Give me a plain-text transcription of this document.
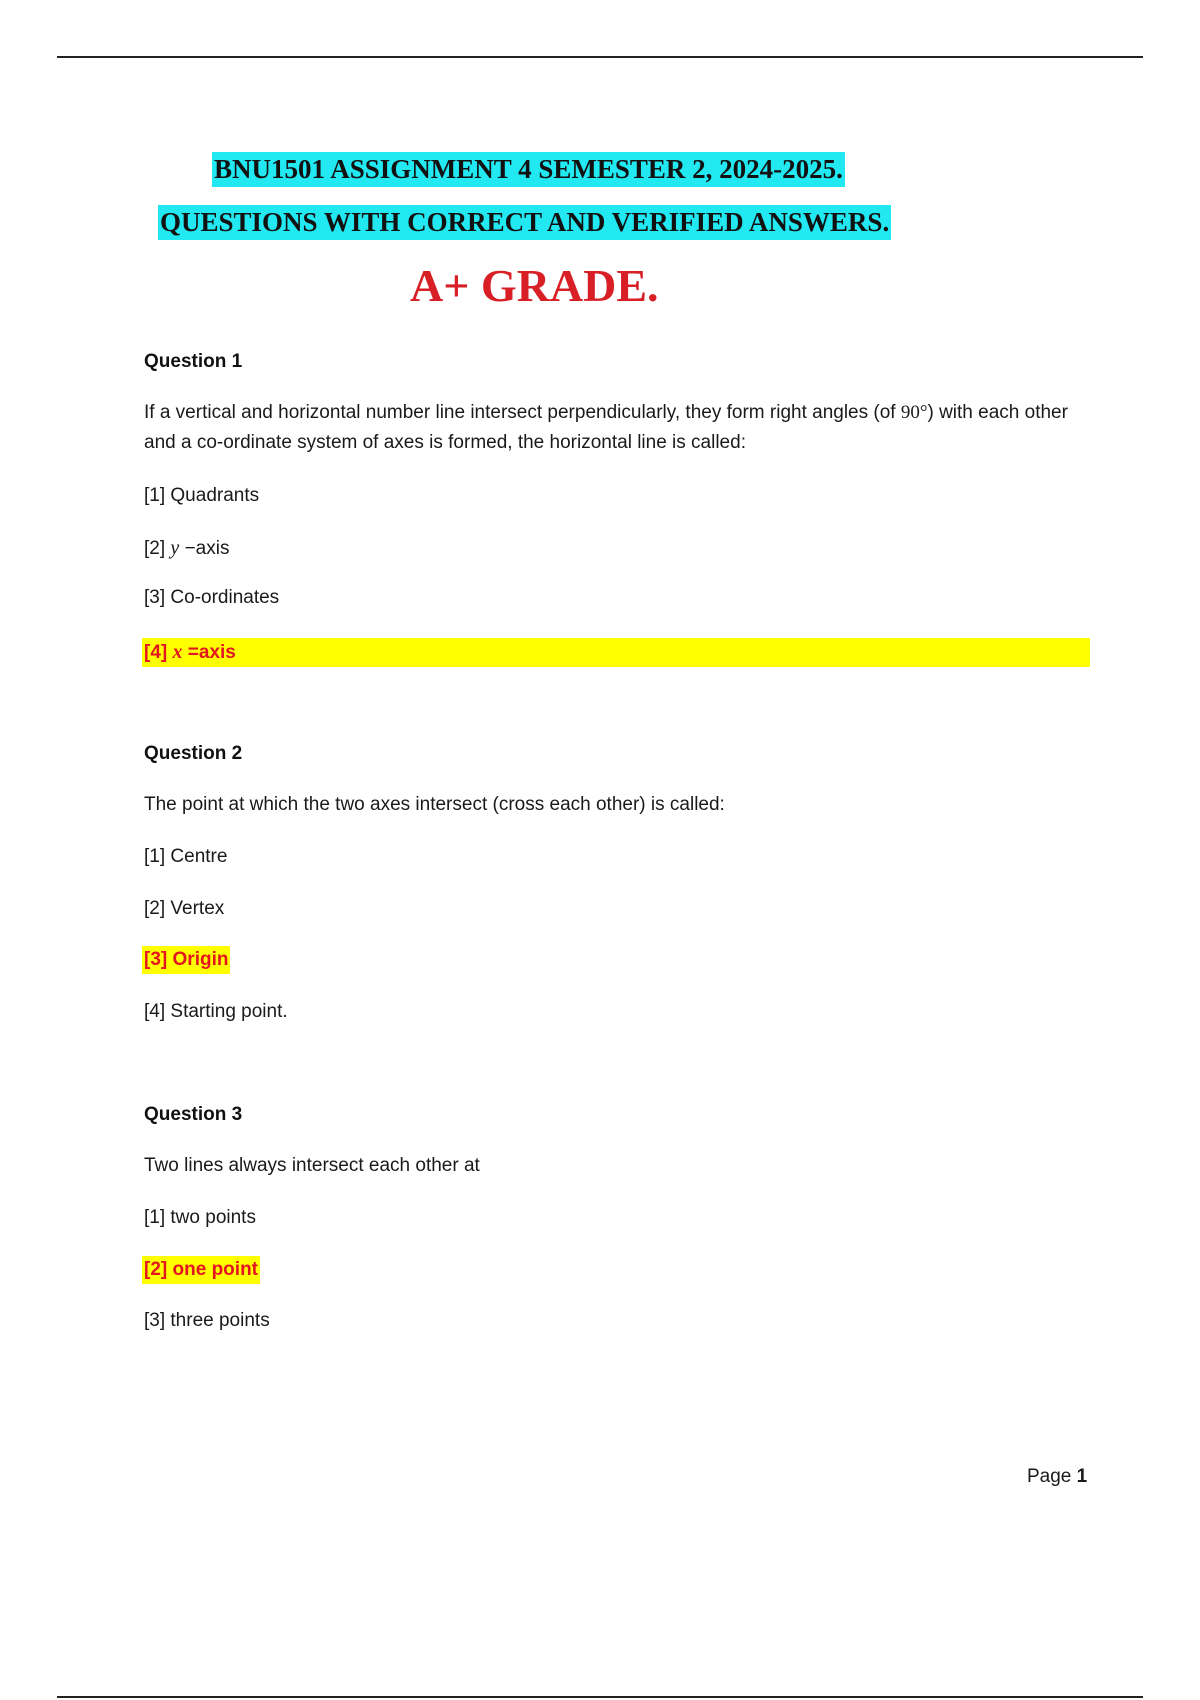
BNU1501 ASSIGNMENT 4 SEMESTER 2, 2024-2025.
QUESTIONS WITH CORRECT AND VERIFIED ANSWERS.
A+ GRADE.
Question 1
If a vertical and horizontal number line intersect perpendicularly, they form right angles (of 90°) with each other and a co-ordinate system of axes is formed, the horizontal line is called:
[1] Quadrants
[2] y −axis
[3] Co-ordinates
[4] x =axis
Question 2
The point at which the two axes intersect (cross each other) is called:
[1] Centre
[2] Vertex
[3] Origin
[4] Starting point.
Question 3
Two lines always intersect each other at
[1] two points
[2] one point
[3] three points
Page 1
